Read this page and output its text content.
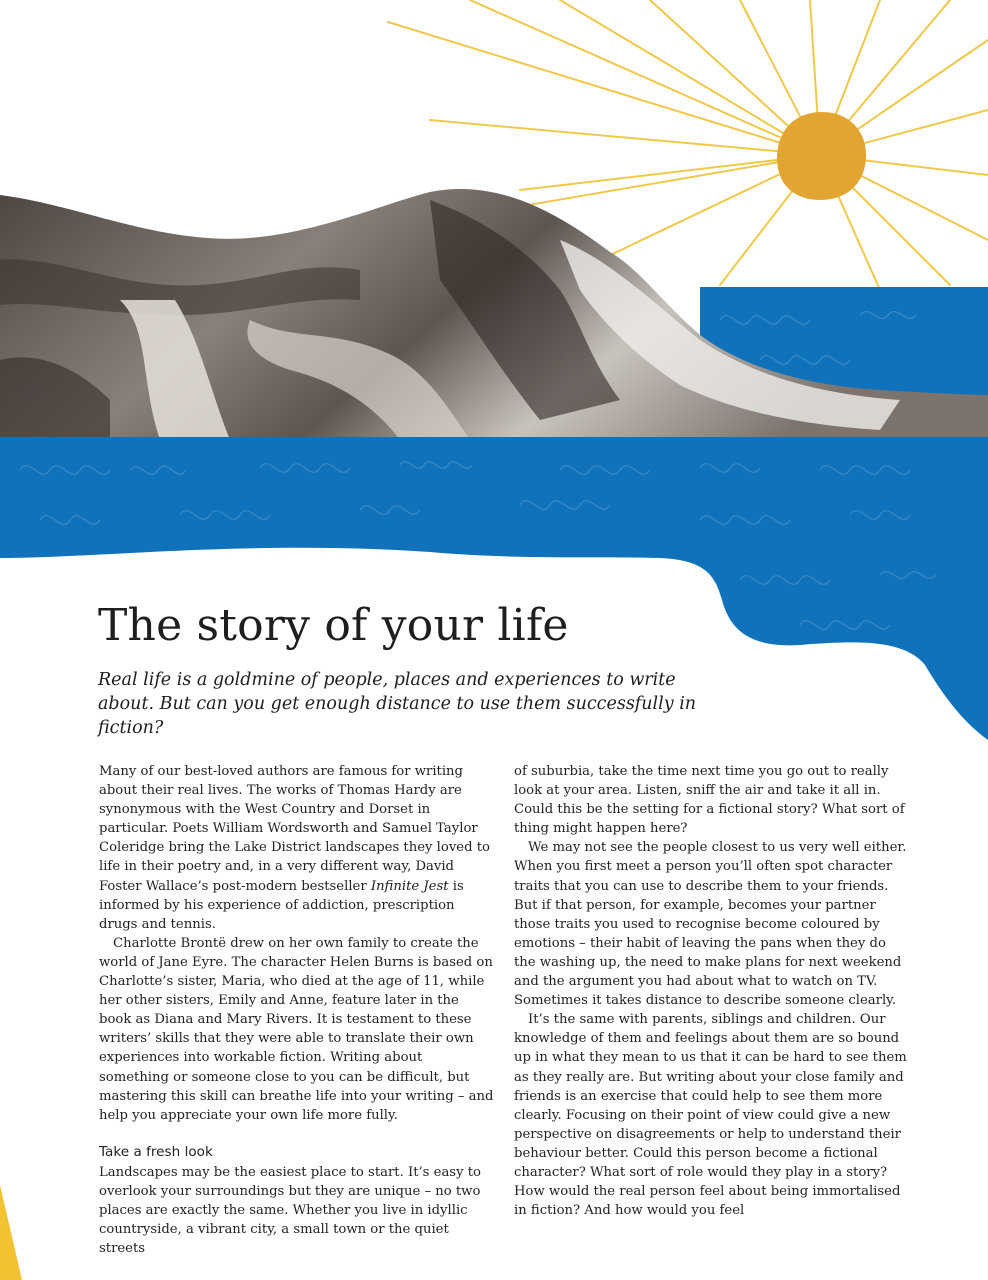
The story of your life

Real life is a goldmine of people, places and experiences to write about. But can you get enough distance to use them successfully in fiction?

Many of our best-loved authors are famous for writing about their real lives. The works of Thomas Hardy are synonymous with the West Country and Dorset in particular. Poets William Wordsworth and Samuel Taylor Coleridge bring the Lake District landscapes they loved to life in their poetry and, in a very different way, David Foster Wallace’s post-modern bestseller Infinite Jest is informed by his experience of addiction, prescription drugs and tennis.

Charlotte Brontë drew on her own family to create the world of Jane Eyre. The character Helen Burns is based on Charlotte’s sister, Maria, who died at the age of 11, while her other sisters, Emily and Anne, feature later in the book as Diana and Mary Rivers. It is testament to these writers’ skills that they were able to translate their own experiences into workable fiction. Writing about something or someone close to you can be difficult, but mastering this skill can breathe life into your writing – and help you appreciate your own life more fully.

Take a fresh look

Landscapes may be the easiest place to start. It’s easy to overlook your surroundings but they are unique – no two places are exactly the same. Whether you live in idyllic countryside, a vibrant city, a small town or the quiet streets

of suburbia, take the time next time you go out to really look at your area. Listen, sniff the air and take it all in. Could this be the setting for a fictional story? What sort of thing might happen here?

We may not see the people closest to us very well either. When you first meet a person you’ll often spot character traits that you can use to describe them to your friends. But if that person, for example, becomes your partner those traits you used to recognise become coloured by emotions – their habit of leaving the pans when they do the washing up, the need to make plans for next weekend and the argument you had about what to watch on TV. Sometimes it takes distance to describe someone clearly.

It’s the same with parents, siblings and children. Our knowledge of them and feelings about them are so bound up in what they mean to us that it can be hard to see them as they really are. But writing about your close family and friends is an exercise that could help to see them more clearly. Focusing on their point of view could give a new perspective on disagreements or help to understand their behaviour better. Could this person become a fictional character? What sort of role would they play in a story? How would the real person feel about being immortalised in fiction? And how would you feel
